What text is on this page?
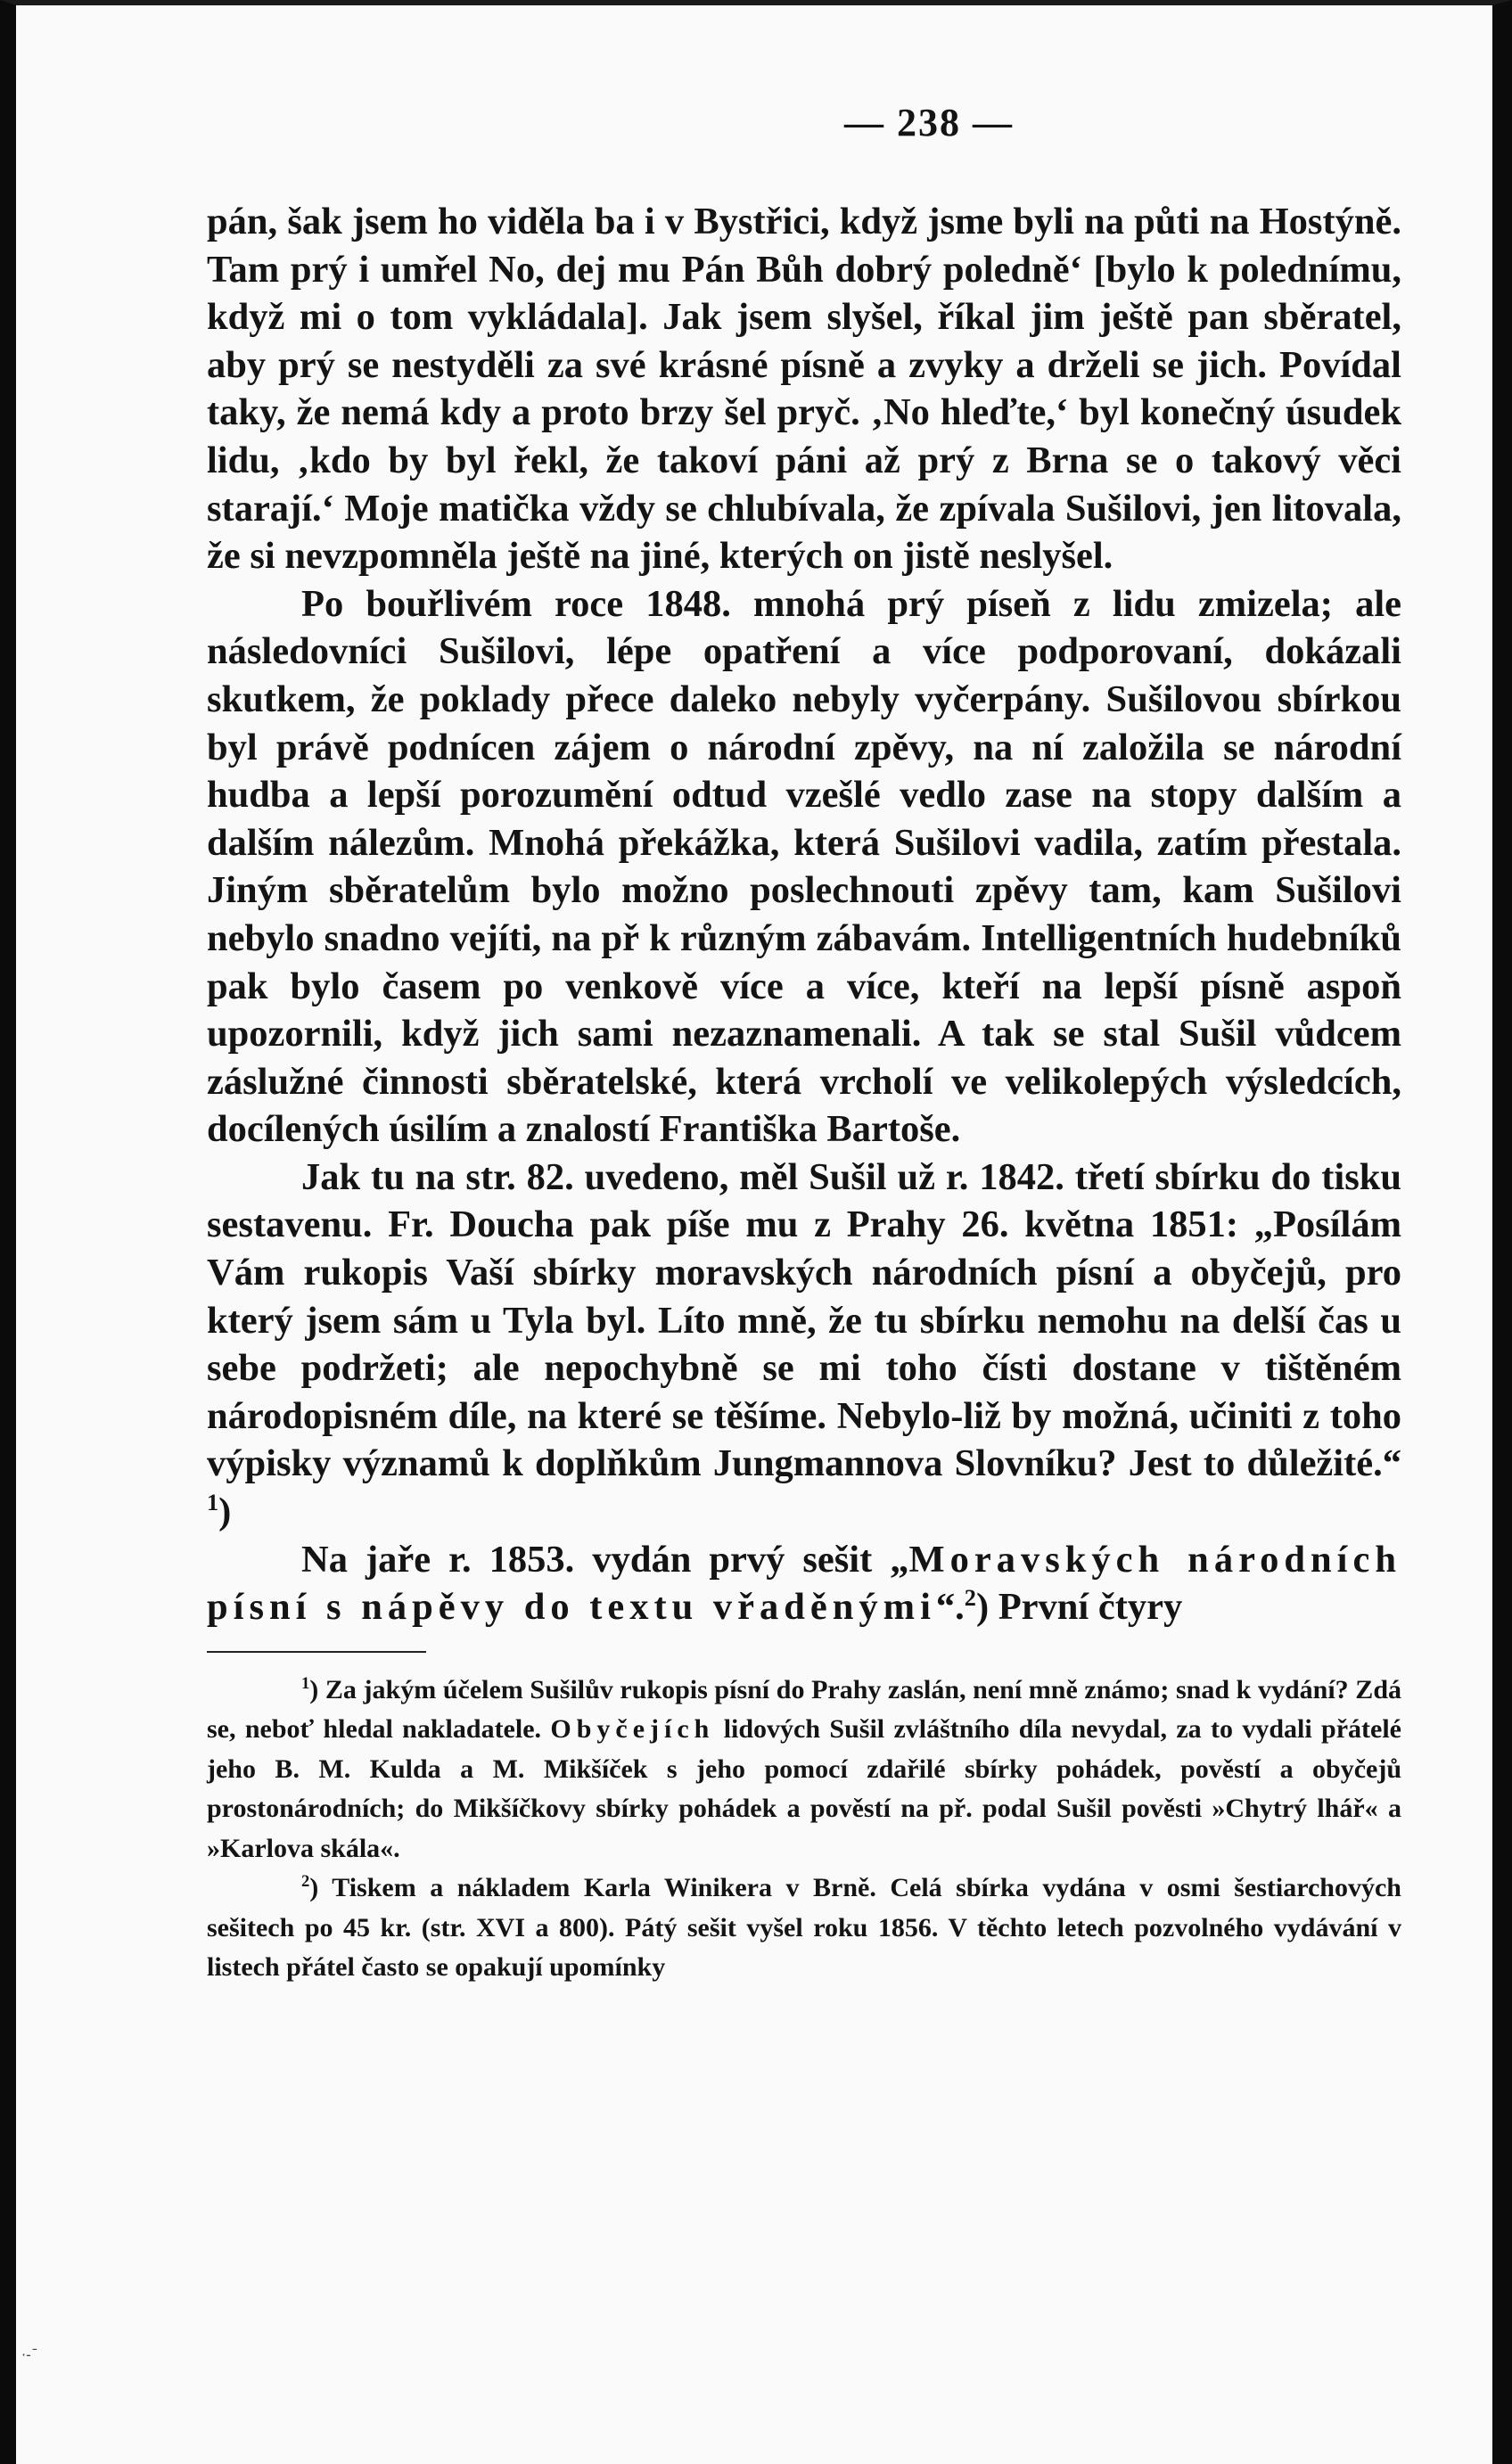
— 238 —

pán, šak jsem ho viděla ba i v Bystřici, když jsme byli na půti na Hostýně. Tam prý i umřel No, dej mu Pán Bůh dobrý poledně‘ [bylo k polednímu, když mi o tom vykládala]. Jak jsem slyšel, říkal jim ještě pan sběratel, aby prý se nestyděli za své krásné písně a zvyky a drželi se jich. Povídal taky, že nemá kdy a proto brzy šel pryč. ‚No hleďte,‘ byl konečný úsudek lidu, ‚kdo by byl řekl, že takoví páni až prý z Brna se o takový věci starají.‘ Moje matička vždy se chlubívala, že zpívala Sušilovi, jen litovala, že si nevzpomněla ještě na jiné, kterých on jistě neslyšel.

Po bouřlivém roce 1848. mnohá prý píseň z lidu zmizela; ale následovníci Sušilovi, lépe opatření a více podporovaní, dokázali skutkem, že poklady přece daleko nebyly vyčerpány. Sušilovou sbírkou byl právě podnícen zájem o národní zpěvy, na ní založila se národní hudba a lepší porozumění odtud vzešlé vedlo zase na stopy dalším a dalším nálezům. Mnohá překážka, která Sušilovi vadila, zatím přestala. Jiným sběratelům bylo možno poslechnouti zpěvy tam, kam Sušilovi nebylo snadno vejíti, na př k různým zábavám. Intelligentních hudebníků pak bylo časem po venkově více a více, kteří na lepší písně aspoň upozornili, když jich sami nezaznamenali. A tak se stal Sušil vůdcem záslužné činnosti sběratelské, která vrcholí ve velikolepých výsledcích, docílených úsilím a znalostí Františka Bartoše.

Jak tu na str. 82. uvedeno, měl Sušil už r. 1842. třetí sbírku do tisku sestavenu. Fr. Doucha pak píše mu z Prahy 26. května 1851: „Posílám Vám rukopis Vaší sbírky moravských národních písní a obyčejů, pro který jsem sám u Tyla byl. Líto mně, že tu sbírku nemohu na delší čas u sebe podržeti; ale nepochybně se mi toho čísti dostane v tištěném národopisném díle, na které se těšíme. Nebylo-liž by možná, učiniti z toho výpisky významů k doplňkům Jungmannova Slovníku? Jest to důležité.“ $^1$)

Na jaře r. 1853. vydán prvý sešit „Moravských národních písní s nápěvy do textu vřaděnými“.$^2$) První čtyry

$^1$) Za jakým účelem Sušilův rukopis písní do Prahy zaslán, není mně známo; snad k vydání? Zdá se, neboť hledal nakladatele. Obyčejích lidových Sušil zvláštního díla nevydal, za to vydali přátelé jeho B. M. Kulda a M. Mikšíček s jeho pomocí zdařilé sbírky pohádek, pověstí a obyčejů prostonárodních; do Mikšíčkovy sbírky pohádek a pověstí na př. podal Sušil pověsti »Chytrý lhář« a »Karlova skála«.

$^2$) Tiskem a nákladem Karla Winikera v Brně. Celá sbírka vydána v osmi šestiarchových sešitech po 45 kr. (str. XVI a 800). Pátý sešit vyšel roku 1856. V těchto letech pozvolného vydávání v listech přátel často se opakují upomínky

·-ˉ
